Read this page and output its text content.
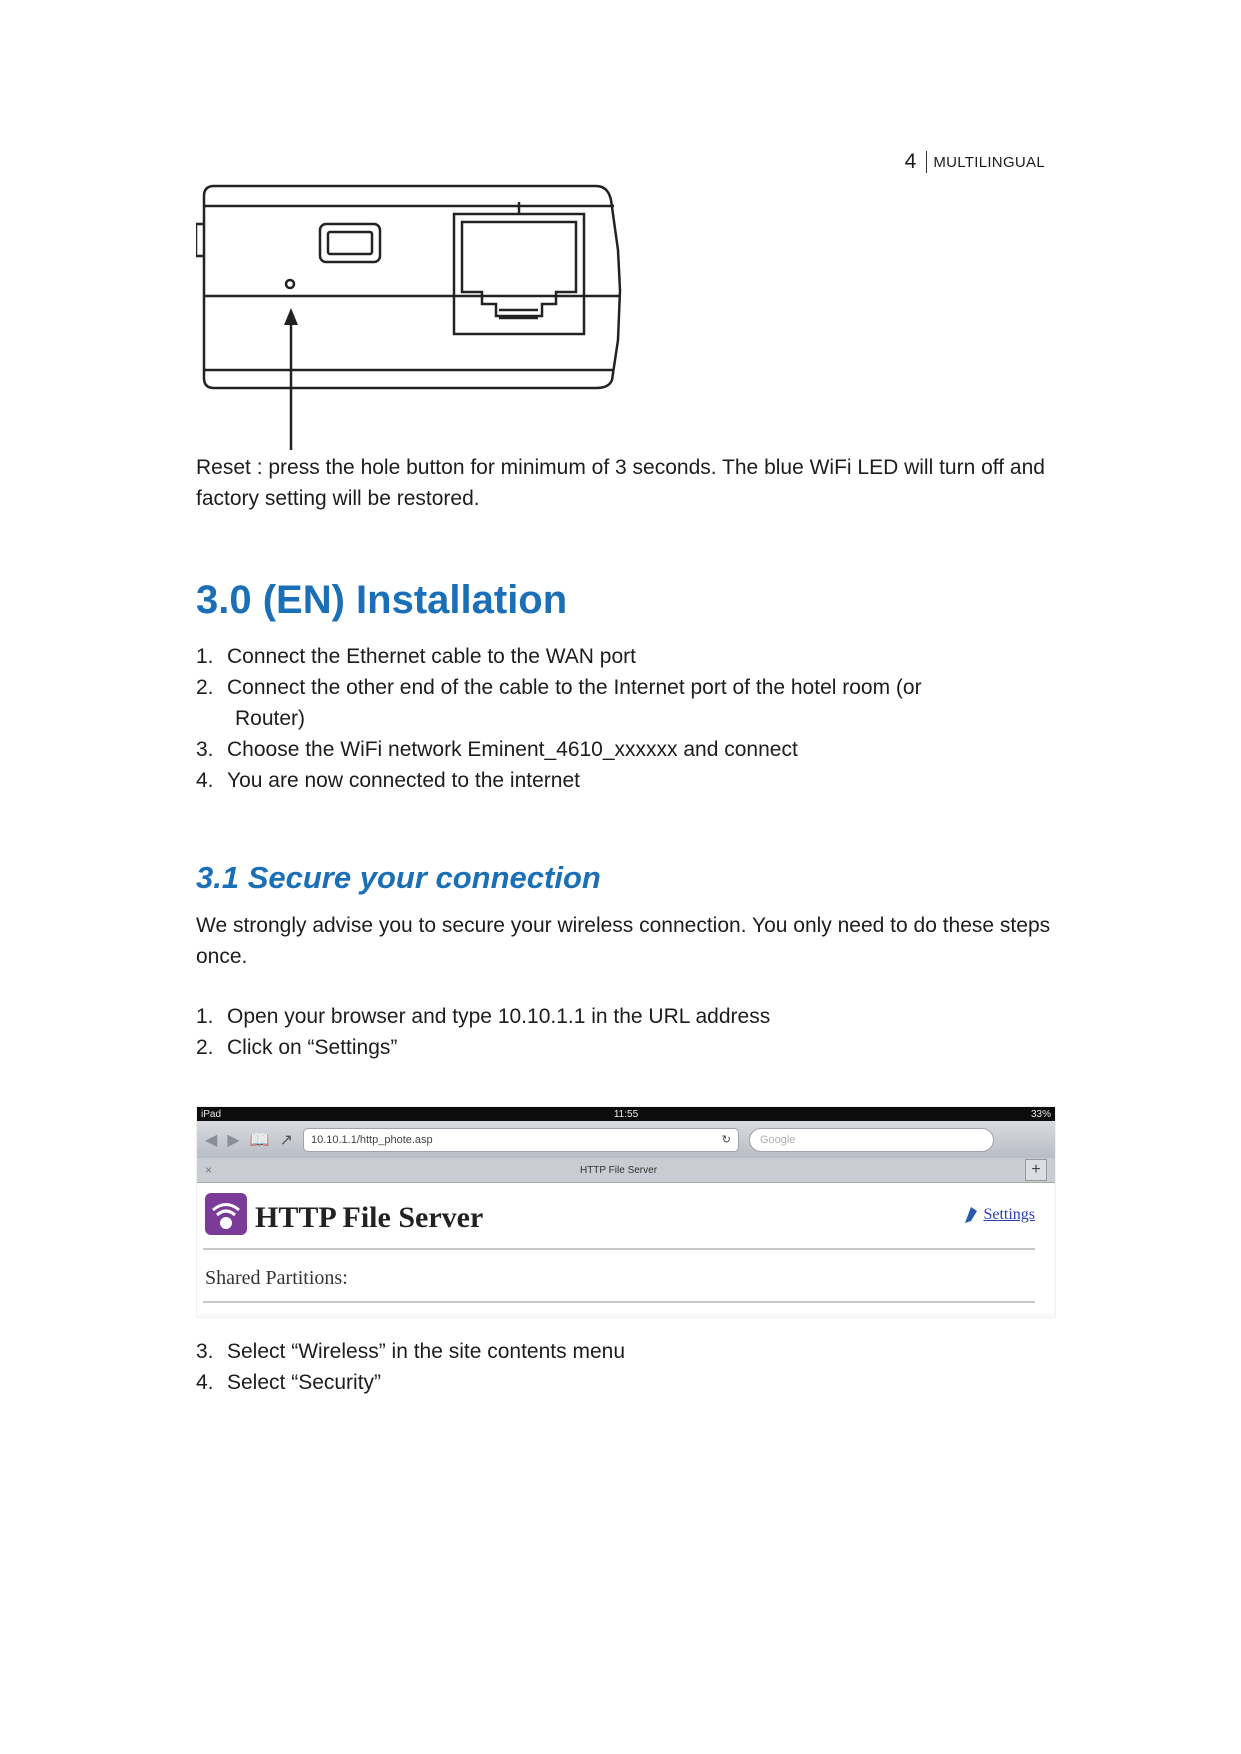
4 MULTILINGUAL

Reset : press the hole button for minimum of 3 seconds. The blue WiFi LED will turn off and factory setting will be restored.

3.0 (EN) Installation
1. Connect the Ethernet cable to the WAN port
2. Connect the other end of the cable to the Internet port of the hotel room (or
Router)
3. Choose the WiFi network Eminent_4610_xxxxxx and connect
4. You are now connected to the internet
3.1 Secure your connection

We strongly advise you to secure your wireless connection. You only need to do these steps once.

1. Open your browser and type 10.10.1.1 in the URL address
2. Click on “Settings”
iPad	11:55	33%
◀ ▶ 📖 ↗ 10.10.1.1/http_phote.asp	↻	Google
×	HTTP File Server	+
HTTP File Server	Settings
Shared Partitions:
3. Select “Wireless” in the site contents menu
4. Select “Security”
